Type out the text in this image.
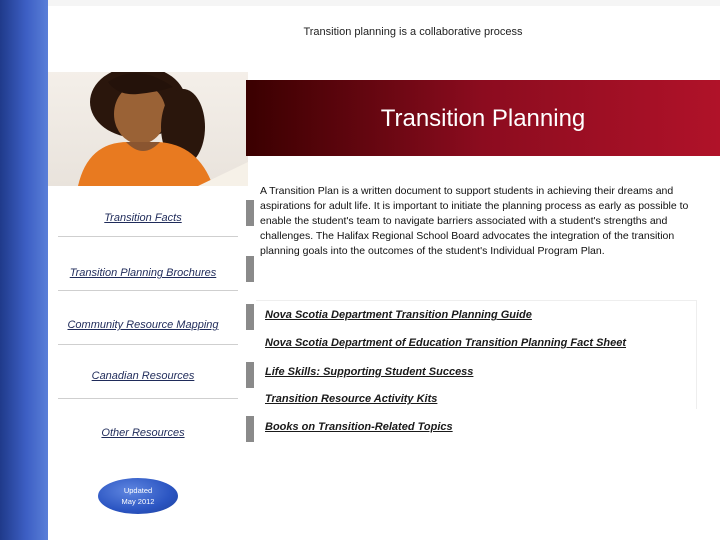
Transition planning is a collaborative process
Transition Planning
Transition Facts
Transition Planning Brochures
Community Resource Mapping
Canadian Resources
Other Resources
A Transition Plan is a written document to support students in achieving their dreams and aspirations for adult life. It is important to initiate the planning process as early as possible to enable the student's team to navigate barriers associated with a student's strengths and challenges. The Halifax Regional School Board advocates the integration of the transition planning goals into the outcomes of the student's Individual Program Plan.
Nova Scotia Department Transition Planning Guide
Nova Scotia Department of Education Transition Planning Fact Sheet
Life Skills: Supporting Student Success
Transition Resource Activity Kits
Books on Transition-Related Topics
Updated
May 2012
